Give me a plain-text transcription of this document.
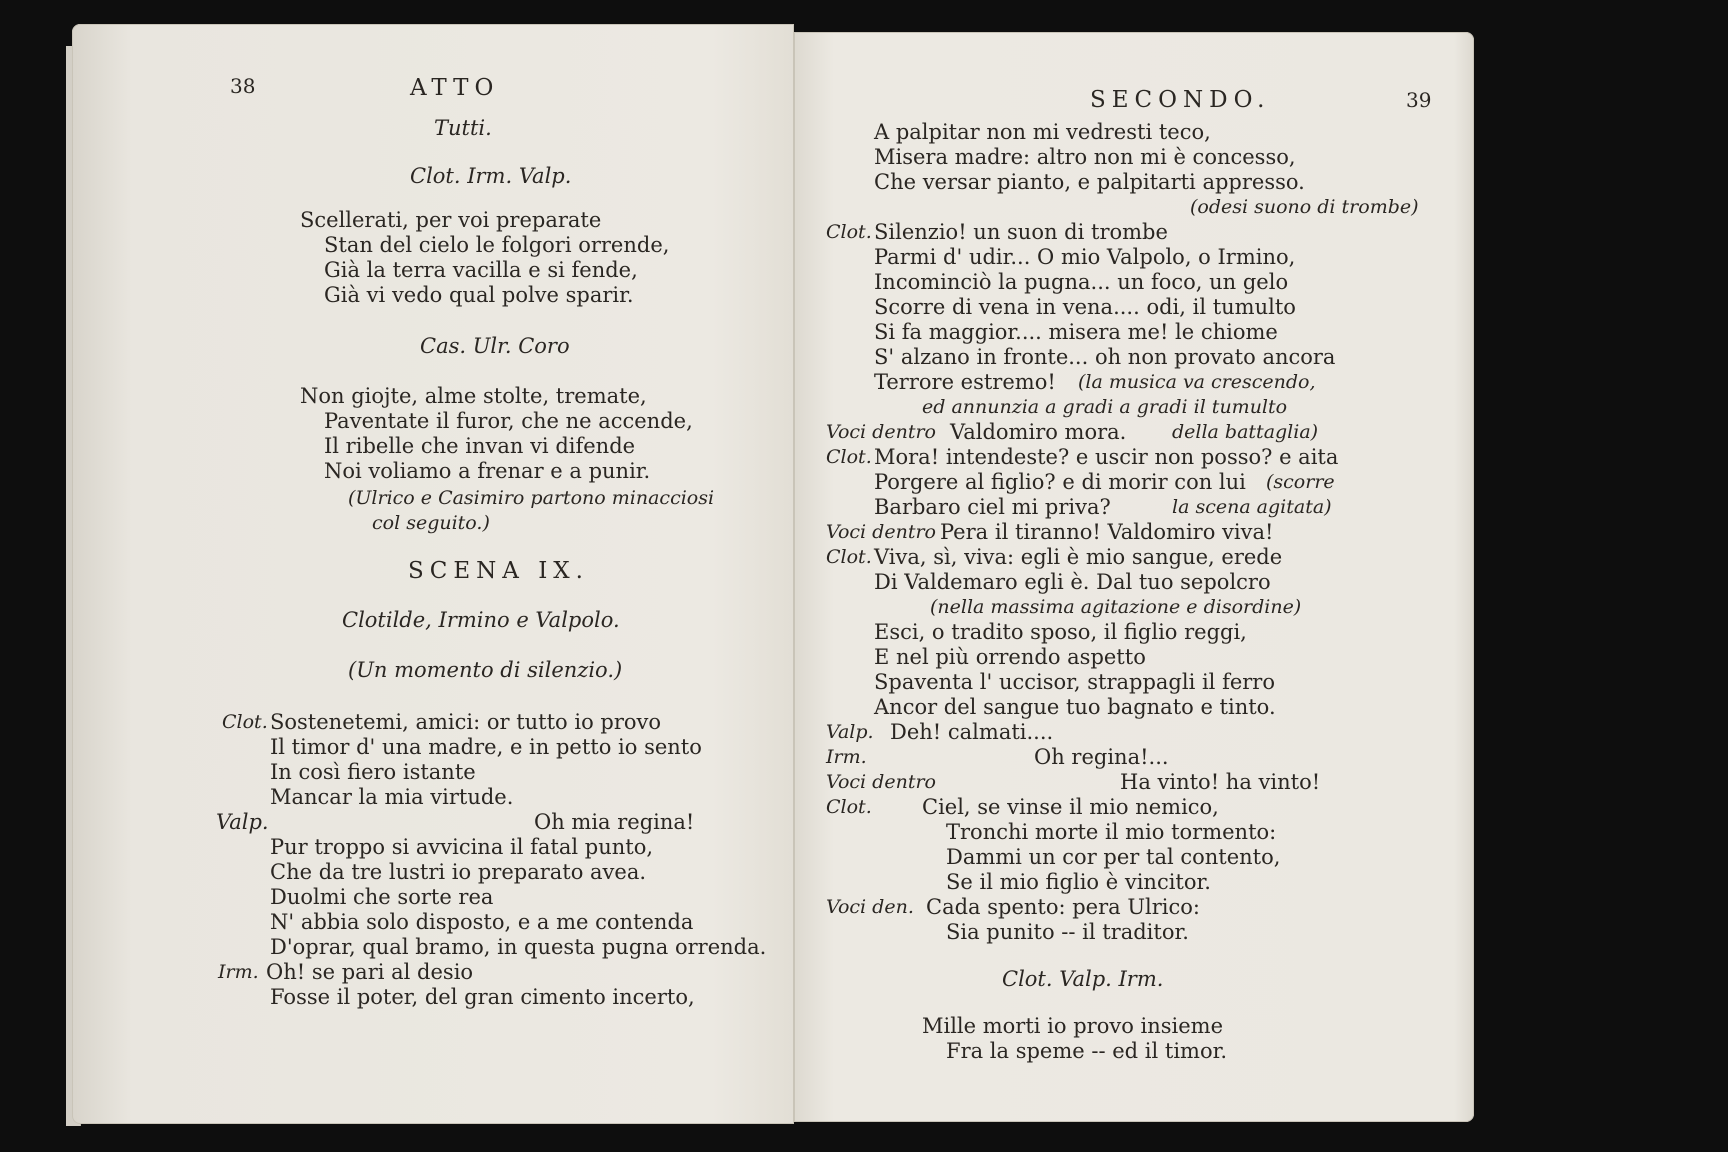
38	ATTO
Tutti.
Clot. Irm. Valp.
Scellerati, per voi preparate
Stan del cielo le folgori orrende,
Già la terra vacilla e si fende,
Già vi vedo qual polve sparir.
Cas. Ulr. Coro
Non giojte, alme stolte, tremate,
Paventate il furor, che ne accende,
Il ribelle che invan vi difende
Noi voliamo a frenar e a punir.
(Ulrico e Casimiro partono minacciosi
col seguito.)
SCENA IX.
Clotilde, Irmino e Valpolo.
(Un momento di silenzio.)
Clot. Sostenetemi, amici: or tutto io provo
Il timor d' una madre, e in petto io sento
In così fiero istante
Mancar la mia virtude.
Valp.	Oh mia regina!
Pur troppo si avvicina il fatal punto,
Che da tre lustri io preparato avea.
Duolmi che sorte rea
N' abbia solo disposto, e a me contenda
D'oprar, qual bramo, in questa pugna orrenda.
Irm. Oh! se pari al desio
Fosse il poter, del gran cimento incerto,
SECONDO.	39
A palpitar non mi vedresti teco,
Misera madre: altro non mi è concesso,
Che versar pianto, e palpitarti appresso.
(odesi suono di trombe)
Clot. Silenzio! un suon di trombe
Parmi d' udir... O mio Valpolo, o Irmino,
Incominciò la pugna... un foco, un gelo
Scorre di vena in vena.... odi, il tumulto
Si fa maggior.... misera me! le chiome
S' alzano in fronte... oh non provato ancora
Terrore estremo! (la musica va crescendo,
ed annunzia a gradi a gradi il tumulto
Voci dentro Valdomiro mora. della battaglia)
Clot. Mora! intendeste? e uscir non posso? e aita
Porgere al figlio? e di morir con lui (scorre
Barbaro ciel mi priva?	la scena agitata)
Voci dentro Pera il tiranno! Valdomiro viva!
Clot. Viva, sì, viva: egli è mio sangue, erede
Di Valdemaro egli è. Dal tuo sepolcro
(nella massima agitazione e disordine)
Esci, o tradito sposo, il figlio reggi,
E nel più orrendo aspetto
Spaventa l' uccisor, strappagli il ferro
Ancor del sangue tuo bagnato e tinto.
Valp. Deh! calmati....
Irm.	Oh regina!...
Voci dentro	Ha vinto! ha vinto!
Clot. Ciel, se vinse il mio nemico,
Tronchi morte il mio tormento:
Dammi un cor per tal contento,
Se il mio figlio è vincitor.
Voci den. Cada spento: pera Ulrico:
Sia punito -- il traditor.
Clot. Valp. Irm.
Mille morti io provo insieme
Fra la speme -- ed il timor.
